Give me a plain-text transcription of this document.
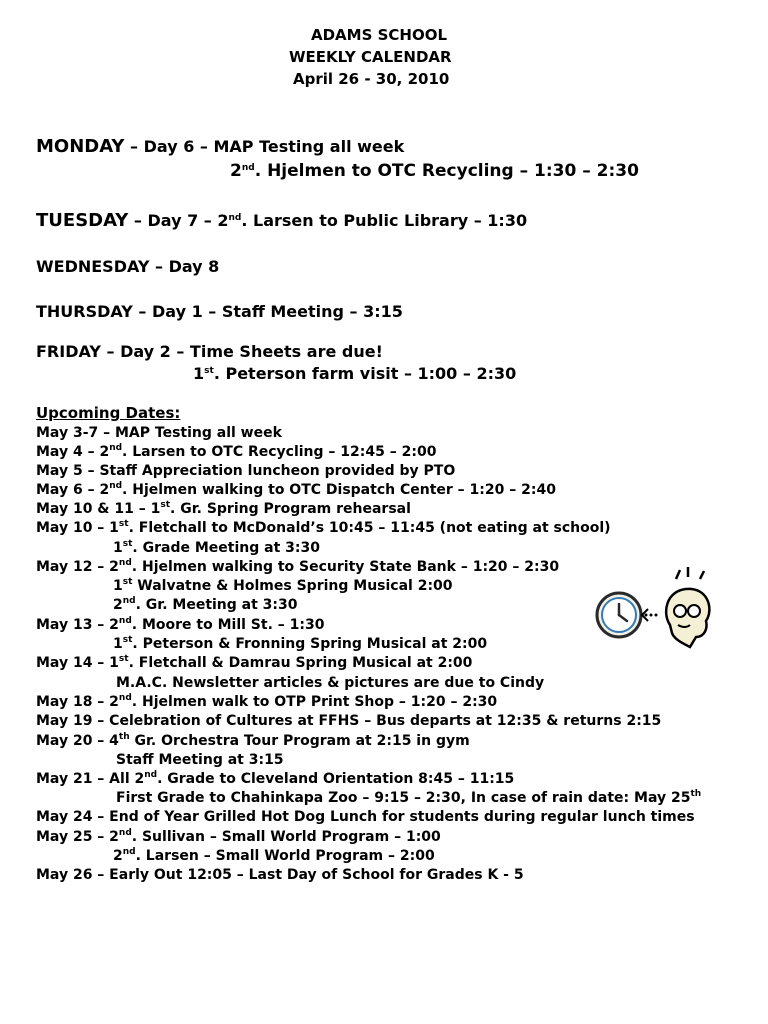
ADAMS SCHOOL
WEEKLY CALENDAR
April 26 - 30, 2010
MONDAY – Day 6 – MAP Testing all week
2nd. Hjelmen to OTC Recycling – 1:30 – 2:30
TUESDAY – Day 7 – 2nd. Larsen to Public Library – 1:30
WEDNESDAY – Day 8
THURSDAY – Day 1 – Staff Meeting – 3:15
FRIDAY – Day 2 – Time Sheets are due!
1st. Peterson farm visit – 1:00 – 2:30
Upcoming Dates:
May 3-7 – MAP Testing all week
May 4 – 2nd. Larsen to OTC Recycling – 12:45 – 2:00
May 5 – Staff Appreciation luncheon provided by PTO
May 6 – 2nd. Hjelmen walking to OTC Dispatch Center – 1:20 – 2:40
May 10 & 11 – 1st. Gr. Spring Program rehearsal
May 10 – 1st. Fletchall to McDonald’s 10:45 – 11:45 (not eating at school)
1st. Grade Meeting at 3:30
May 12 – 2nd. Hjelmen walking to Security State Bank – 1:20 – 2:30
1st Walvatne & Holmes Spring Musical 2:00
2nd. Gr. Meeting at 3:30
May 13 – 2nd. Moore to Mill St. – 1:30
1st. Peterson & Fronning Spring Musical at 2:00
May 14 – 1st. Fletchall & Damrau Spring Musical at 2:00
M.A.C. Newsletter articles & pictures are due to Cindy
May 18 – 2nd. Hjelmen walk to OTP Print Shop – 1:20 – 2:30
May 19 – Celebration of Cultures at FFHS – Bus departs at 12:35 & returns 2:15
May 20 – 4th Gr. Orchestra Tour Program at 2:15 in gym
Staff Meeting at 3:15
May 21 – All 2nd. Grade to Cleveland Orientation 8:45 – 11:15
First Grade to Chahinkapa Zoo – 9:15 – 2:30, In case of rain date: May 25th
May 24 – End of Year Grilled Hot Dog Lunch for students during regular lunch times
May 25 – 2nd. Sullivan – Small World Program – 1:00
2nd. Larsen – Small World Program – 2:00
May 26 – Early Out 12:05 – Last Day of School for Grades K - 5
